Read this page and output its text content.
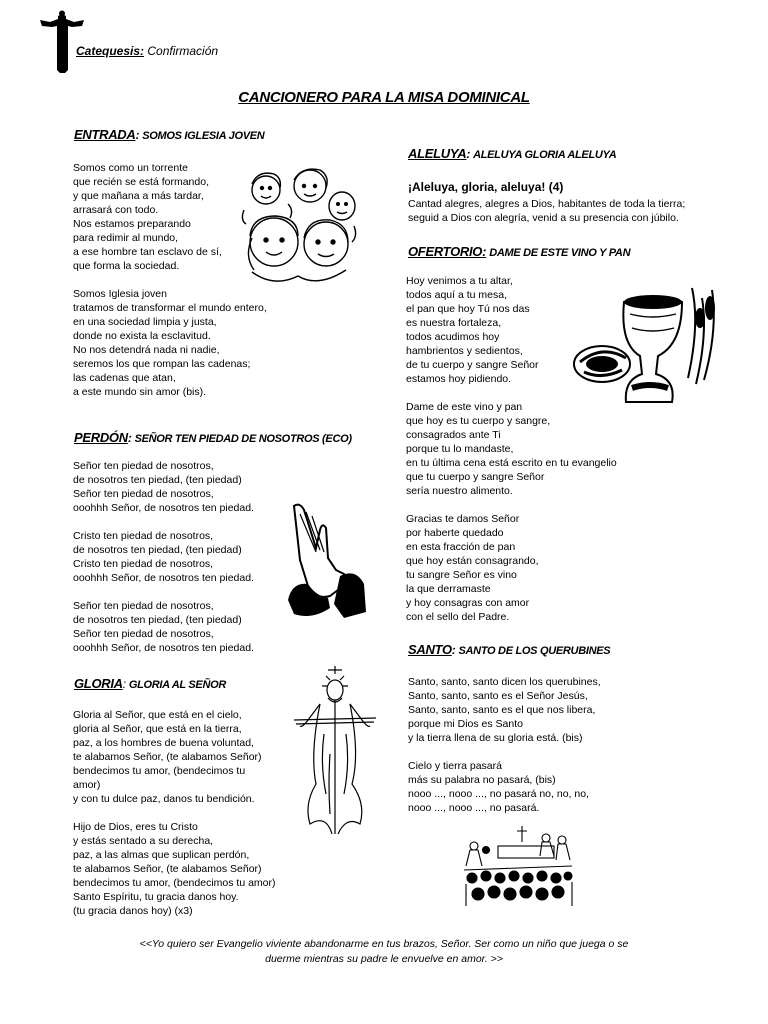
Catequesis: Confirmación
CANCIONERO PARA LA MISA DOMINICAL
ENTRADA: SOMOS IGLESIA JOVEN
Somos como un torrente
que recién se está formando,
y que mañana a más tardar,
arrasará con todo.
Nos estamos preparando
para redimir al mundo,
a ese hombre tan esclavo de sí,
que forma la sociedad.
Somos Iglesia joven
tratamos de transformar el mundo entero,
en una sociedad limpia y justa,
donde no exista la esclavitud.
No nos detendrá nada ni nadie,
seremos los que rompan las cadenas;
las cadenas que atan,
a este mundo sin amor (bis).
PERDÓN: SEÑOR TEN PIEDAD DE NOSOTROS (ECO)
Señor ten piedad de nosotros,
de nosotros ten piedad, (ten piedad)
Señor ten piedad de nosotros,
ooohhh Señor, de nosotros ten piedad.
Cristo ten piedad de nosotros,
de nosotros ten piedad, (ten piedad)
Cristo ten piedad de nosotros,
ooohhh Señor, de nosotros ten piedad.
Señor ten piedad de nosotros,
de nosotros ten piedad, (ten piedad)
Señor ten piedad de nosotros,
ooohhh Señor, de nosotros ten piedad.
GLORIA: GLORIA AL SEÑOR
Gloria al Señor, que está en el cielo,
gloria al Señor, que está en la tierra,
paz, a los hombres de buena voluntad,
te alabamos Señor, (te alabamos Señor)
bendecimos tu amor, (bendecimos tu
amor)
y con tu dulce paz, danos tu bendición.
Hijo de Dios, eres tu Cristo
y estás sentado a su derecha,
paz, a las almas que suplican perdón,
te alabamos Señor, (te alabamos Señor)
bendecimos tu amor, (bendecimos tu amor)
Santo Espíritu, tu gracia danos hoy.
(tu gracia danos hoy) (x3)
ALELUYA: ALELUYA GLORIA ALELUYA
¡Aleluya, gloria, aleluya! (4)
Cantad alegres, alegres a Dios, habitantes de toda la tierra;
seguid a Dios con alegría, venid a su presencia con júbilo.
OFERTORIO: DAME DE ESTE VINO Y PAN
Hoy venimos a tu altar,
todos aquí a tu mesa,
el pan que hoy Tú nos das
es nuestra fortaleza,
todos acudimos hoy
hambrientos y sedientos,
de tu cuerpo y sangre Señor
estamos hoy pidiendo.
Dame de este vino y pan
que hoy es tu cuerpo y sangre,
consagrados ante Ti
porque tu lo mandaste,
en tu última cena está escrito en tu evangelio
que tu cuerpo y sangre Señor
sería nuestro alimento.
Gracias te damos Señor
por haberte quedado
en esta fracción de pan
que hoy están consagrando,
tu sangre Señor es vino
la que derramaste
y hoy consagras con amor
con el sello del Padre.
SANTO: SANTO DE LOS QUERUBINES
Santo, santo, santo dicen los querubines,
Santo, santo, santo es el Señor Jesús,
Santo, santo, santo es el que nos libera,
porque mi Dios es Santo
y la tierra llena de su gloria está. (bis)
Cielo y tierra pasará
más su palabra no pasará, (bis)
nooo ..., nooo ..., no pasará no, no, no,
nooo ..., nooo ..., no pasará.
<<Yo quiero ser Evangelio viviente abandonarme en tus brazos, Señor. Ser como un niño que juega o se
duerme mientras su padre le envuelve en amor. >>
